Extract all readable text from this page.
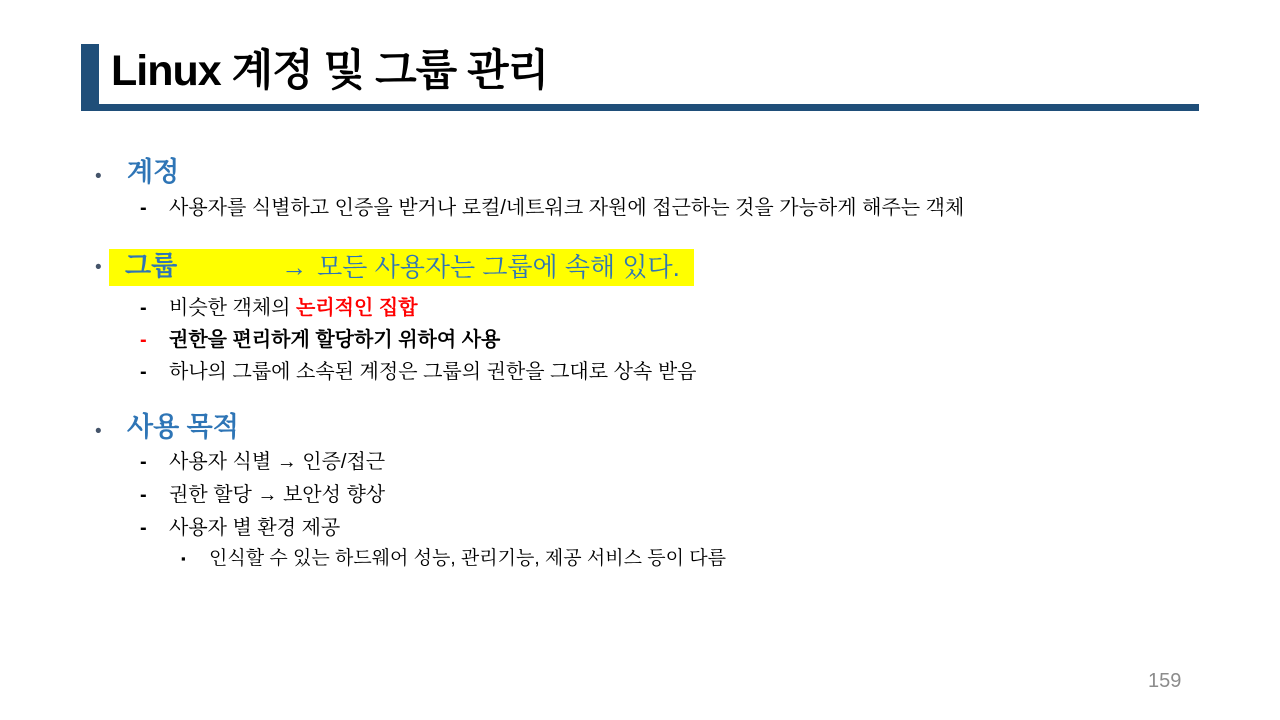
Linux 계정 및 그룹 관리
• 계정
-	사용자를 식별하고 인증을 받거나 로컬/네트워크 자원에 접근하는 것을 가능하게 해주는 객체
• 그룹	→ 모든 사용자는 그룹에 속해 있다.
-	비슷한 객체의 논리적인 집합
-	권한을 편리하게 할당하기 위하여 사용
-	하나의 그룹에 소속된 계정은 그룹의 권한을 그대로 상속 받음
• 사용 목적
-	사용자 식별 → 인증/접근
-	권한 할당 → 보안성 향상
-	사용자 별 환경 제공
▪	인식할 수 있는 하드웨어 성능, 관리기능, 제공 서비스 등이 다름
159
